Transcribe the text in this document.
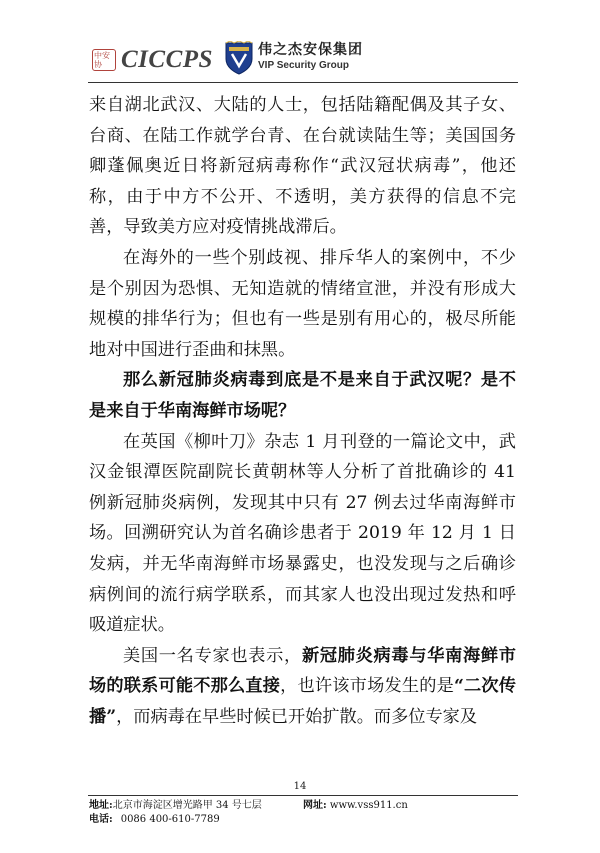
中安协 CICCPS	伟之杰安保集团
VIP Security Group

来自湖北武汉、大陆的人士，包括陆籍配偶及其子女、台商、在陆工作就学台青、在台就读陆生等；美国国务卿蓬佩奥近日将新冠病毒称作“武汉冠状病毒”，他还称，由于中方不公开、不透明，美方获得的信息不完善，导致美方应对疫情挑战滞后。

在海外的一些个别歧视、排斥华人的案例中，不少是个别因为恐惧、无知造就的情绪宣泄，并没有形成大规模的排华行为；但也有一些是别有用心的，极尽所能地对中国进行歪曲和抹黑。

那么新冠肺炎病毒到底是不是来自于武汉呢？是不是来自于华南海鲜市场呢？

在英国《柳叶刀》杂志 1 月刊登的一篇论文中，武汉金银潭医院副院长黄朝林等人分析了首批确诊的 41 例新冠肺炎病例，发现其中只有 27 例去过华南海鲜市场。回溯研究认为首名确诊患者于 2019 年 12 月 1 日发病，并无华南海鲜市场暴露史，也没发现与之后确诊病例间的流行病学联系，而其家人也没出现过发热和呼吸道症状。

美国一名专家也表示，新冠肺炎病毒与华南海鲜市场的联系可能不那么直接，也许该市场发生的是“二次传播”，而病毒在早些时候已开始扩散。而多位专家及

14
地址: 北京市海淀区增光路甲 34 号七层	网址: www.vss911.cn
电话: 0086 400-610-7789
